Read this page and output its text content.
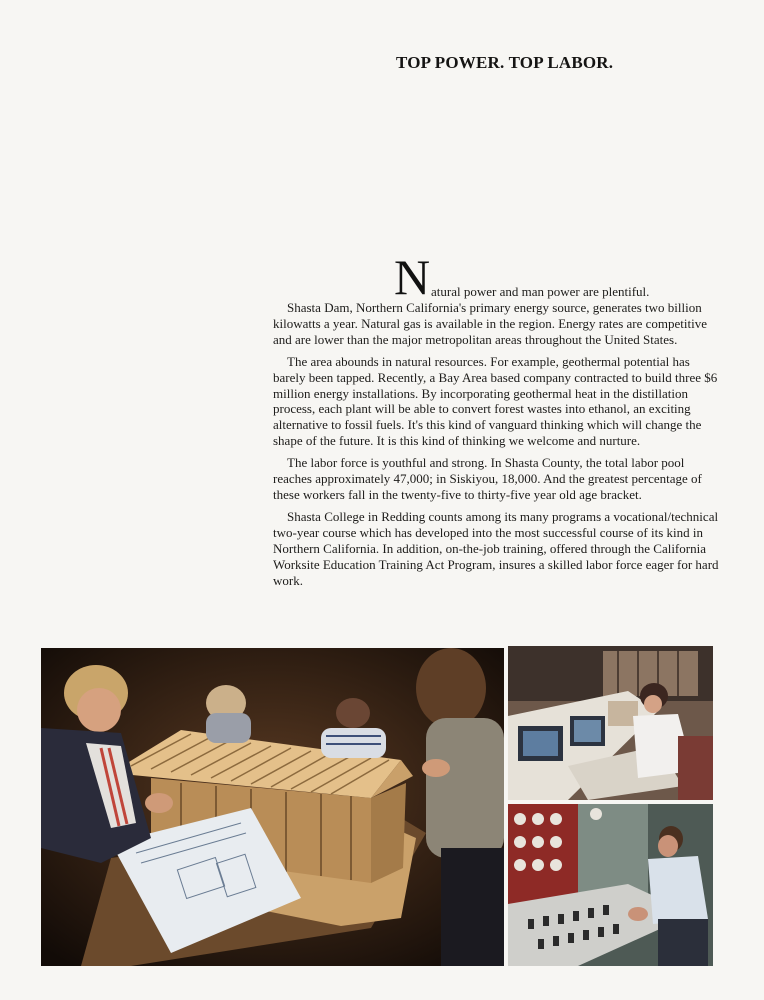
TOP POWER. TOP LABOR.
N atural power and man power are plentiful.

Shasta Dam, Northern California's primary energy source, generates two billion kilowatts a year. Natural gas is available in the region. Energy rates are competitive and are lower than the major metropolitan areas throughout the United States.

The area abounds in natural resources. For example, geothermal potential has barely been tapped. Recently, a Bay Area based company contracted to build three $6 million energy installations. By incorporating geothermal heat in the distillation process, each plant will be able to convert forest wastes into ethanol, an exciting alternative to fossil fuels. It's this kind of vanguard thinking which will change the shape of the future. It is this kind of thinking we welcome and nurture.

The labor force is youthful and strong. In Shasta County, the total labor pool reaches approximately 47,000; in Siskiyou, 18,000. And the greatest percentage of these workers fall in the twenty-five to thirty-five year old age bracket.

Shasta College in Redding counts among its many programs a vocational/technical two-year course which has developed into the most successful course of its kind in Northern California. In addition, on-the-job training, offered through the California Worksite Education Training Act Program, insures a skilled labor force eager for hard work.
